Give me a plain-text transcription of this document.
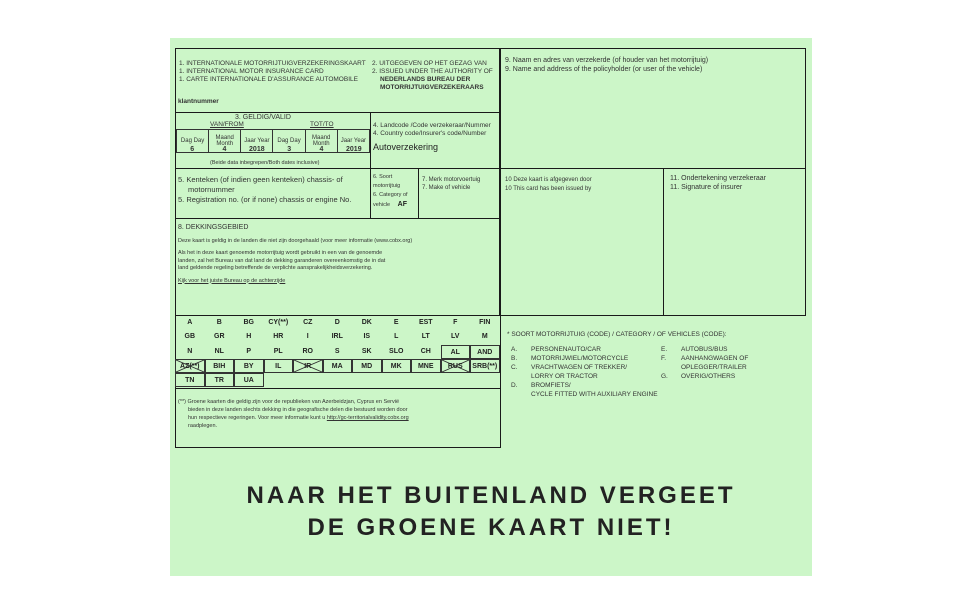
1. INTERNATIONALE MOTORRIJTUIGVERZEKERINGSKAART
1. INTERNATIONAL MOTOR INSURANCE CARD
1. CARTE INTERNATIONALE D'ASSURANCE AUTOMOBILE
2. UITGEGEVEN OP HET GEZAG VAN
2. ISSUED UNDER THE AUTHORITY OF
NEDERLANDS BUREAU DER
MOTORRIJTUIGVERZEKERAARS
klantnummer
3. GELDIG/VALID
VAN/FROM	TOT/TO
Dag Day	Maand Month	Jaar Year	Dag Day	Maand Month	Jaar Year
6	4	2018	3	4	2019
(Beide data inbegrepen/Both dates inclusive)
4. Landcode /Code verzekeraar/Nummer
4. Country code/Insurer's code/Number
Autoverzekering
5. Kenteken (of indien geen kenteken) chassis- of
motornummer
5. Registration no. (or if none) chassis or engine No.
6. Soort
motorrijtuig
6. Category of
vehicle AF
7. Merk motorvoertuig
7. Make of vehicle
8. DEKKINGSGEBIED
Deze kaart is geldig in de landen die niet zijn doorgehaald (voor meer informatie (www.cobx.org)
Als het in deze kaart genoemde motorrijtuig wordt gebruikt in een van de genoemde
landen, zal het Bureau van dat land de dekking garanderen overeenkomstig de in dat
land geldende regeling betreffende de verplichte aansprakelijkheidsverzekering.
Kijk voor het juiste Bureau op de achterzijde
A	B	BG	CY(**)	CZ	D	DK	E	EST	F	FIN
GB	GR	H	HR	I	IRL	IS	L	LT	LV	M
N	NL	P	PL	RO	S	SK	SLO	CH	AL	AND
AZ(**)	BIH	BY	IL	IR	MA	MD	MK	MNE	RUS	SRB(**)
TN	TR	UA
(**) Groene kaarten die geldig zijn voor de republieken van Azerbeidzjan, Cyprus en Servië
bieden in deze landen slechts dekking in die geografische delen die bestuurd worden door
hun respectieve regeringen. Voor meer informatie kunt u http://gc-territorialvalidity.cobx.org
raadplegen.
9. Naam en adres van verzekerde (of houder van het motorrijtuig)
9. Name and address of the policyholder (or user of the vehicle)
10 Deze kaart is afgegeven door
10 This card has been issued by
11. Ondertekening verzekeraar
11. Signature of insurer
* SOORT MOTORRIJTUIG (CODE) / CATEGORY / OF VEHICLES (CODE):
A. PERSONENAUTO/CAR
B. MOTORRIJWIEL/MOTORCYCLE
C. VRACHTWAGEN OF TREKKER/
LORRY OR TRACTOR
D. BROMFIETS/
CYCLE FITTED WITH AUXILIARY ENGINE
E. AUTOBUS/BUS
F. AANHANGWAGEN OF
OPLEGGER/TRAILER
G. OVERIG/OTHERS
NAAR HET BUITENLAND VERGEET
DE GROENE KAART NIET!
